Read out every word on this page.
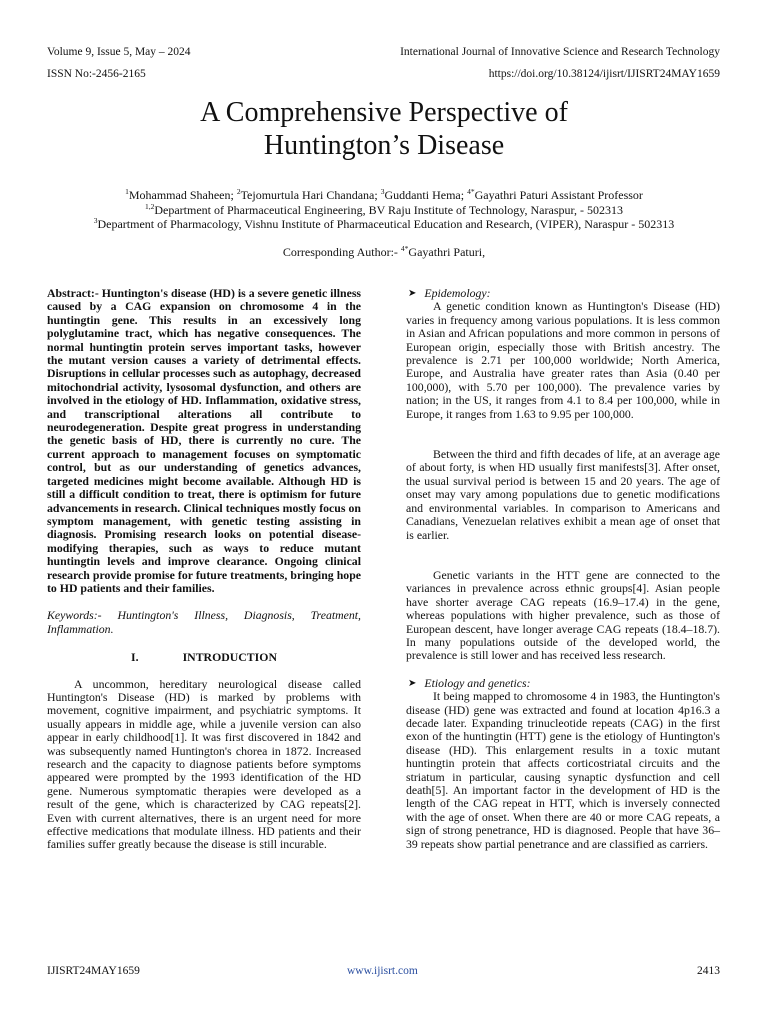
Volume 9, Issue 5, May – 2024	International Journal of Innovative Science and Research Technology
ISSN No:-2456-2165	https://doi.org/10.38124/ijisrt/IJISRT24MAY1659
A Comprehensive Perspective of
Huntington’s Disease
$^1$Mohammad Shaheen; $^2$Tejomurtula Hari Chandana; $^3$Guddanti Hema; $^{4*}$Gayathri Paturi Assistant Professor
$^{1,2}$Department of Pharmaceutical Engineering, BV Raju Institute of Technology, Naraspur, - 502313
$^3$Department of Pharmacology, Vishnu Institute of Pharmaceutical Education and Research, (VIPER), Naraspur - 502313
Corresponding Author:- $^{4*}$Gayathri Paturi,

Abstract:- Huntington's disease (HD) is a severe genetic illness caused by a CAG expansion on chromosome 4 in the huntingtin gene. This results in an excessively long polyglutamine tract, which has negative consequences. The normal huntingtin protein serves important tasks, however the mutant version causes a variety of detrimental effects. Disruptions in cellular processes such as autophagy, decreased mitochondrial activity, lysosomal dysfunction, and others are involved in the etiology of HD. Inflammation, oxidative stress, and transcriptional alterations all contribute to neurodegeneration. Despite great progress in understanding the genetic basis of HD, there is currently no cure. The current approach to management focuses on symptomatic control, but as our understanding of genetics advances, targeted medicines might become available. Although HD is still a difficult condition to treat, there is optimism for future advancements in research. Clinical techniques mostly focus on symptom management, with genetic testing assisting in diagnosis. Promising research looks on potential disease-modifying therapies, such as ways to reduce mutant huntingtin levels and improve clearance. Ongoing clinical research provide promise for future treatments, bringing hope to HD patients and their families.

Keywords:- Huntington's Illness, Diagnosis, Treatment, Inflammation.

I.	INTRODUCTION

A uncommon, hereditary neurological disease called Huntington's Disease (HD) is marked by problems with movement, cognitive impairment, and psychiatric symptoms. It usually appears in middle age, while a juvenile version can also appear in early childhood[1]. It was first discovered in 1842 and was subsequently named Huntington's chorea in 1872. Increased research and the capacity to diagnose patients before symptoms appeared were prompted by the 1993 identification of the HD gene. Numerous symptomatic therapies were developed as a result of the gene, which is characterized by CAG repeats[2]. Even with current alternatives, there is an urgent need for more effective medications that modulate illness. HD patients and their families suffer greatly because the disease is still incurable.

➤ Epidemology:

A genetic condition known as Huntington's Disease (HD) varies in frequency among various populations. It is less common in Asian and African populations and more common in persons of European origin, especially those with British ancestry. The prevalence is 2.71 per 100,000 worldwide; North America, Europe, and Australia have greater rates than Asia (0.40 per 100,000), with 5.70 per 100,000). The prevalence varies by nation; in the US, it ranges from 4.1 to 8.4 per 100,000, while in Europe, it ranges from 1.63 to 9.95 per 100,000.

Between the third and fifth decades of life, at an average age of about forty, is when HD usually first manifests[3]. After onset, the usual survival period is between 15 and 20 years. The age of onset may vary among populations due to genetic modifications and environmental variables. In comparison to Americans and Canadians, Venezuelan relatives exhibit a mean age of onset that is earlier.

Genetic variants in the HTT gene are connected to the variances in prevalence across ethnic groups[4]. Asian people have shorter average CAG repeats (16.9–17.4) in the gene, whereas populations with higher prevalence, such as those of European descent, have longer average CAG repeats (18.4–18.7). In many populations outside of the developed world, the prevalence is still lower and has received less research.

➤ Etiology and genetics:

It being mapped to chromosome 4 in 1983, the Huntington's disease (HD) gene was extracted and found at location 4p16.3 a decade later. Expanding trinucleotide repeats (CAG) in the first exon of the huntingtin (HTT) gene is the etiology of Huntington's disease (HD). This enlargement results in a toxic mutant huntingtin protein that affects corticostriatal circuits and the striatum in particular, causing synaptic dysfunction and cell death[5]. An important factor in the development of HD is the length of the CAG repeat in HTT, which is inversely connected with the age of onset. When there are 40 or more CAG repeats, a sign of strong penetrance, HD is diagnosed. People that have 36–39 repeats show partial penetrance and are classified as carriers.

IJISRT24MAY1659	www.ijisrt.com	2413
